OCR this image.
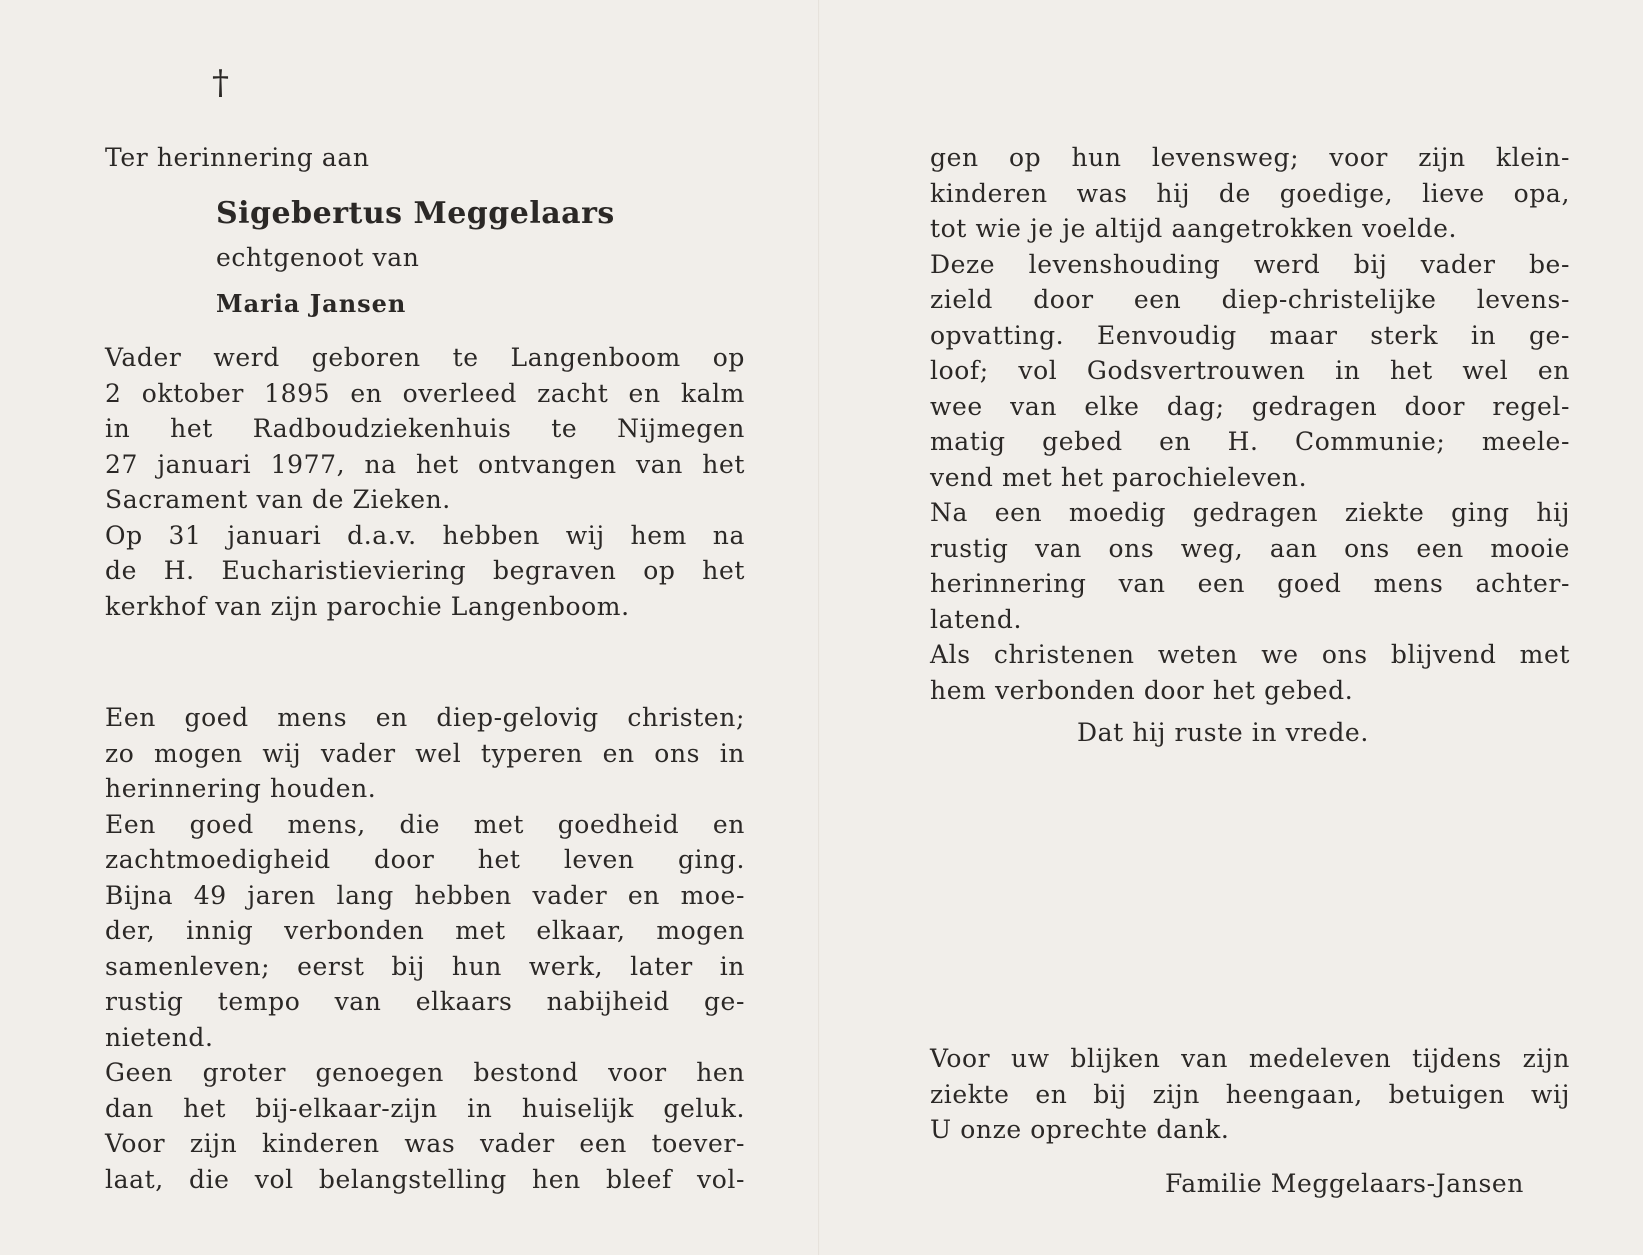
†
Ter herinnering aan
Sigebertus Meggelaars
echtgenoot van
Maria Jansen
Vader werd geboren te Langenboom op
2 oktober 1895 en overleed zacht en kalm
in het Radboudziekenhuis te Nijmegen
27 januari 1977, na het ontvangen van het
Sacrament van de Zieken.
Op 31 januari d.a.v. hebben wij hem na
de H. Eucharistieviering begraven op het
kerkhof van zijn parochie Langenboom.
Een goed mens en diep-gelovig christen;
zo mogen wij vader wel typeren en ons in
herinnering houden.
Een goed mens, die met goedheid en
zachtmoedigheid door het leven ging.
Bijna 49 jaren lang hebben vader en moe-
der, innig verbonden met elkaar, mogen
samenleven; eerst bij hun werk, later in
rustig tempo van elkaars nabijheid ge-
nietend.
Geen groter genoegen bestond voor hen
dan het bij-elkaar-zijn in huiselijk geluk.
Voor zijn kinderen was vader een toever-
laat, die vol belangstelling hen bleef vol-
gen op hun levensweg; voor zijn klein-
kinderen was hij de goedige, lieve opa,
tot wie je je altijd aangetrokken voelde.
Deze levenshouding werd bij vader be-
zield door een diep-christelijke levens-
opvatting. Eenvoudig maar sterk in ge-
loof; vol Godsvertrouwen in het wel en
wee van elke dag; gedragen door regel-
matig gebed en H. Communie; meele-
vend met het parochieleven.
Na een moedig gedragen ziekte ging hij
rustig van ons weg, aan ons een mooie
herinnering van een goed mens achter-
latend.
Als christenen weten we ons blijvend met
hem verbonden door het gebed.
Dat hij ruste in vrede.
Voor uw blijken van medeleven tijdens zijn
ziekte en bij zijn heengaan, betuigen wij
U onze oprechte dank.
Familie Meggelaars-Jansen
